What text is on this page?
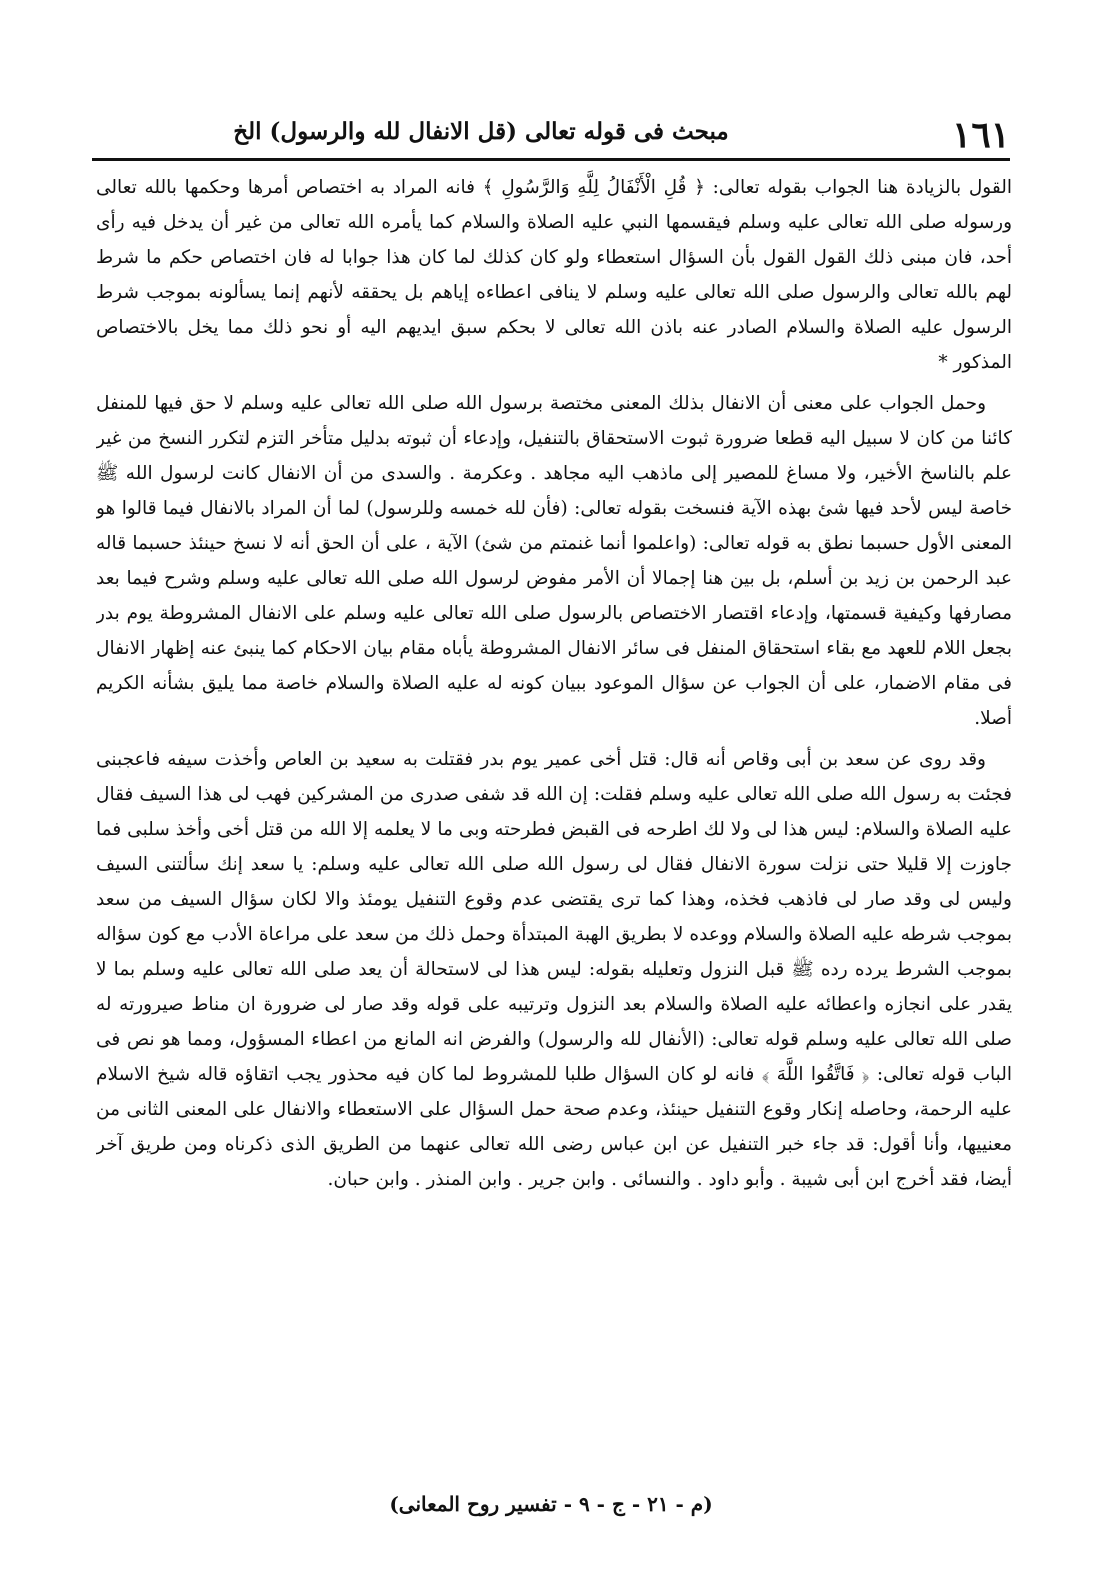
١٦١
مبحث فى قوله تعالى (قل الانفال لله والرسول) الخ

القول بالزيادة هنا الجواب بقوله تعالى: ﴿ قُلِ الْأَنْفَالُ لِلَّهِ وَالرَّسُولِ ﴾ فانه المراد به اختصاص أمرها وحكمها بالله تعالى ورسوله صلى الله تعالى عليه وسلم فيقسمها النبي عليه الصلاة والسلام كما يأمره الله تعالى من غير أن يدخل فيه رأى أحد، فان مبنى ذلك القول القول بأن السؤال استعطاء ولو كان كذلك لما كان هذا جوابا له فان اختصاص حكم ما شرط لهم بالله تعالى والرسول صلى الله تعالى عليه وسلم لا ينافى اعطاءه إياهم بل يحققه لأنهم إنما يسألونه بموجب شرط الرسول عليه الصلاة والسلام الصادر عنه باذن الله تعالى لا بحكم سبق ايديهم اليه أو نحو ذلك مما يخل بالاختصاص المذكور *

وحمل الجواب على معنى أن الانفال بذلك المعنى مختصة برسول الله صلى الله تعالى عليه وسلم لا حق فيها للمنفل كائنا من كان لا سبيل اليه قطعا ضرورة ثبوت الاستحقاق بالتنفيل، وإدعاء أن ثبوته بدليل متأخر التزم لتكرر النسخ من غير علم بالناسخ الأخير، ولا مساغ للمصير إلى ماذهب اليه مجاهد . وعكرمة . والسدى من أن الانفال كانت لرسول الله ﷺ خاصة ليس لأحد فيها شئ بهذه الآية فنسخت بقوله تعالى: (فأن لله خمسه وللرسول) لما أن المراد بالانفال فيما قالوا هو المعنى الأول حسبما نطق به قوله تعالى: (واعلموا أنما غنمتم من شئ) الآية ، على أن الحق أنه لا نسخ حينئذ حسبما قاله عبد الرحمن بن زيد بن أسلم، بل بين هنا إجمالا أن الأمر مفوض لرسول الله صلى الله تعالى عليه وسلم وشرح فيما بعد مصارفها وكيفية قسمتها، وإدعاء اقتصار الاختصاص بالرسول صلى الله تعالى عليه وسلم على الانفال المشروطة يوم بدر بجعل اللام للعهد مع بقاء استحقاق المنفل فى سائر الانفال المشروطة يأباه مقام بيان الاحكام كما ينبئ عنه إظهار الانفال فى مقام الاضمار، على أن الجواب عن سؤال الموعود ببيان كونه له عليه الصلاة والسلام خاصة مما يليق بشأنه الكريم أصلا.

وقد روى عن سعد بن أبى وقاص أنه قال: قتل أخى عمير يوم بدر فقتلت به سعيد بن العاص وأخذت سيفه فاعجبنى فجئت به رسول الله صلى الله تعالى عليه وسلم فقلت: إن الله قد شفى صدرى من المشركين فهب لى هذا السيف فقال عليه الصلاة والسلام: ليس هذا لى ولا لك اطرحه فى القبض فطرحته وبى ما لا يعلمه إلا الله من قتل أخى وأخذ سلبى فما جاوزت إلا قليلا حتى نزلت سورة الانفال فقال لى رسول الله صلى الله تعالى عليه وسلم: يا سعد إنك سألتنى السيف وليس لى وقد صار لى فاذهب فخذه، وهذا كما ترى يقتضى عدم وقوع التنفيل يومئذ والا لكان سؤال السيف من سعد بموجب شرطه عليه الصلاة والسلام ووعده لا بطريق الهبة المبتدأة وحمل ذلك من سعد على مراعاة الأدب مع كون سؤاله بموجب الشرط يرده رده ﷺ قبل النزول وتعليله بقوله: ليس هذا لى لاستحالة أن يعد صلى الله تعالى عليه وسلم بما لا يقدر على انجازه واعطائه عليه الصلاة والسلام بعد النزول وترتيبه على قوله وقد صار لى ضرورة ان مناط صيرورته له صلى الله تعالى عليه وسلم قوله تعالى: (الأنفال لله والرسول) والفرض انه المانع من اعطاء المسؤول، ومما هو نص فى الباب قوله تعالى: ﴿ فَاتَّقُوا اللَّهَ ﴾ فانه لو كان السؤال طلبا للمشروط لما كان فيه محذور يجب اتقاؤه قاله شيخ الاسلام عليه الرحمة، وحاصله إنكار وقوع التنفيل حينئذ، وعدم صحة حمل السؤال على الاستعطاء والانفال على المعنى الثانى من معنييها، وأنا أقول: قد جاء خبر التنفيل عن ابن عباس رضى الله تعالى عنهما من الطريق الذى ذكرناه ومن طريق آخر أيضا، فقد أخرج ابن أبى شيبة . وأبو داود . والنسائى . وابن جرير . وابن المنذر . وابن حبان.

(م - ٢١ - ج - ٩ - تفسير روح المعانى)
